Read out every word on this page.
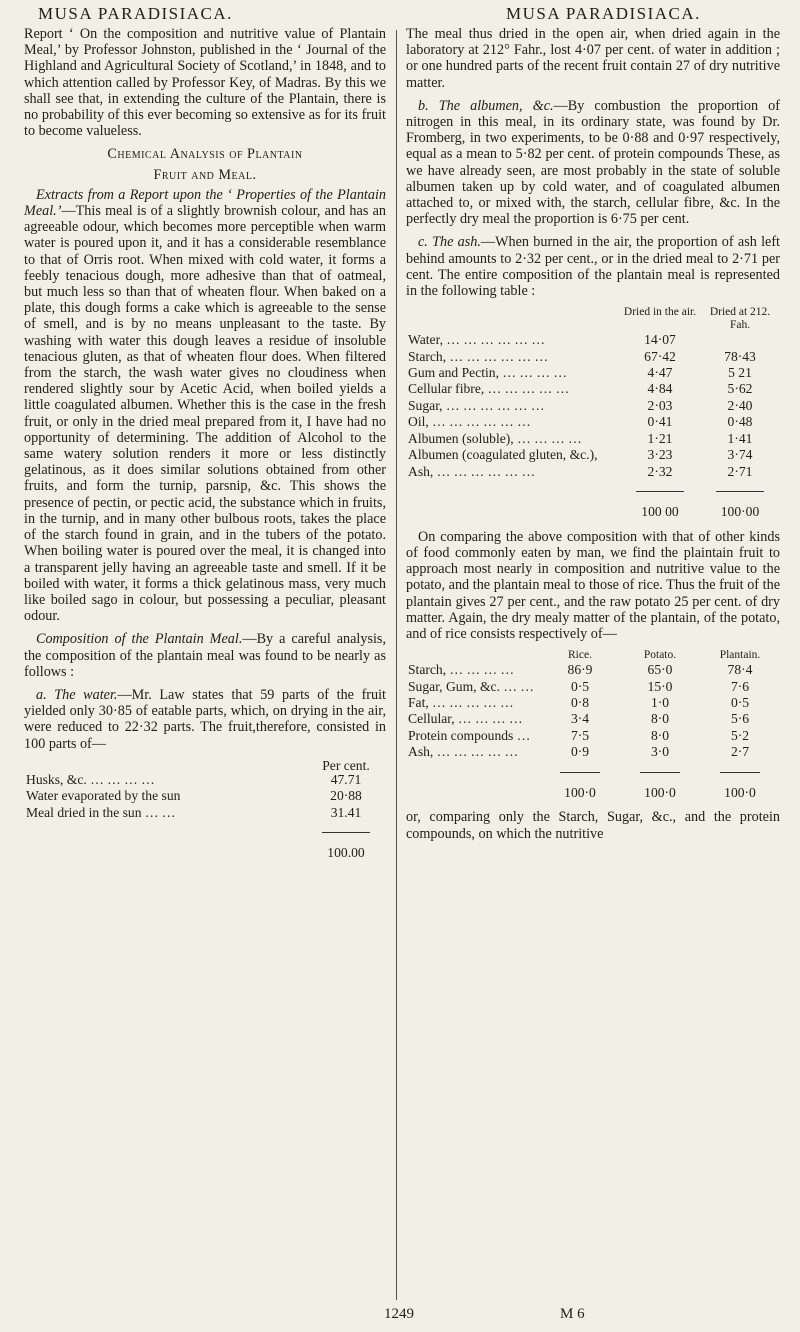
MUSA PARADISIACA.	MUSA PARADISIACA.

Report ‘ On the composition and nutritive value of Plantain Meal,’ by Professor Johnston, published in the ‘ Journal of the Highland and Agricultural Society of Scotland,’ in 1848, and to which attention called by Professor Key, of Madras. By this we shall see that, in extending the culture of the Plantain, there is no probability of this ever becoming so extensive as for its fruit to become valueless.

Chemical Analysis of Plantain

Fruit and Meal.

Extracts from a Report upon the ‘ Properties of the Plantain Meal.’—This meal is of a slightly brownish colour, and has an agreeable odour, which becomes more perceptible when warm water is poured upon it, and it has a considerable resemblance to that of Orris root. When mixed with cold water, it forms a feebly tenacious dough, more adhesive than that of oatmeal, but much less so than that of wheaten flour. When baked on a plate, this dough forms a cake which is agreeable to the sense of smell, and is by no means unpleasant to the taste. By washing with water this dough leaves a residue of insoluble tenacious gluten, as that of wheaten flour does. When filtered from the starch, the wash water gives no cloudiness when rendered slightly sour by Acetic Acid, when boiled yields a little coagulated albumen. Whether this is the case in the fresh fruit, or only in the dried meal prepared from it, I have had no opportunity of determining. The addition of Alcohol to the same watery solution renders it more or less distinctly gelatinous, as it does similar solutions obtained from other fruits, and form the turnip, parsnip, &c. This shows the presence of pectin, or pectic acid, the substance which in fruits, in the turnip, and in many other bulbous roots, takes the place of the starch found in grain, and in the tubers of the potato. When boiling water is poured over the meal, it is changed into a transparent jelly having an agreeable taste and smell. If it be boiled with water, it forms a thick gelatinous mass, very much like boiled sago in colour, but possessing a peculiar, pleasant odour.

Composition of the Plantain Meal.—By a careful analysis, the composition of the plantain meal was found to be nearly as follows :

a. The water.—Mr. Law states that 59 parts of the fruit yielded only 30·85 of eatable parts, which, on drying in the air, were reduced to 22·32 parts. The fruit,therefore, consisted in 100 parts of—

	Per cent.
Husks, &c. … … … …	47.71
Water evaporated by the sun	20·88
Meal dried in the sun … …	31.41

	100.00

The meal thus dried in the open air, when dried again in the laboratory at 212° Fahr., lost 4·07 per cent. of water in addition ; or one hundred parts of the recent fruit contain 27 of dry nutritive matter.

b. The albumen, &c.—By combustion the proportion of nitrogen in this meal, in its ordinary state, was found by Dr. Fromberg, in two experiments, to be 0·88 and 0·97 respectively, equal as a mean to 5·82 per cent. of protein compounds These, as we have already seen, are most probably in the state of soluble albumen taken up by cold water, and of coagulated albumen attached to, or mixed with, the starch, cellular fibre, &c. In the perfectly dry meal the proportion is 6·75 per cent.

c. The ash.—When burned in the air, the proportion of ash left behind amounts to 2·32 per cent., or in the dried meal to 2·71 per cent. The entire composition of the plantain meal is represented in the following table :

	Dried in the air.	Dried at 212. Fah.
Water, … … … … … …	14·07	
Starch, … … … … … …	67·42	78·43
Gum and Pectin, … … … …	4·47	5 21
Cellular fibre, … … … … …	4·84	5·62
Sugar, … … … … … …	2·03	2·40
Oil, … … … … … …	0·41	0·48
Albumen (soluble), … … … …	1·21	1·41
Albumen (coagulated gluten, &c.),	3·23	3·74
Ash, … … … … … …	2·32	2·71

	100 00	100·00

On comparing the above composition with that of other kinds of food commonly eaten by man, we find the plaintain fruit to approach most nearly in composition and nutritive value to the potato, and the plantain meal to those of rice. Thus the fruit of the plantain gives 27 per cent., and the raw potato 25 per cent. of dry matter. Again, the dry mealy matter of the plantain, of the potato, and of rice consists respectively of—

	Rice.	Potato.	Plantain.
Starch, … … … …	86·9	65·0	78·4
Sugar, Gum, &c. … …	0·5	15·0	7·6
Fat, … … … … …	0·8	1·0	0·5
Cellular, … … … …	3·4	8·0	5·6
Protein compounds …	7·5	8·0	5·2
Ash, … … … … …	0·9	3·0	2·7

	100·0	100·0	100·0

or, comparing only the Starch, Sugar, &c., and the protein compounds, on which the nutritive

1249	M 6
